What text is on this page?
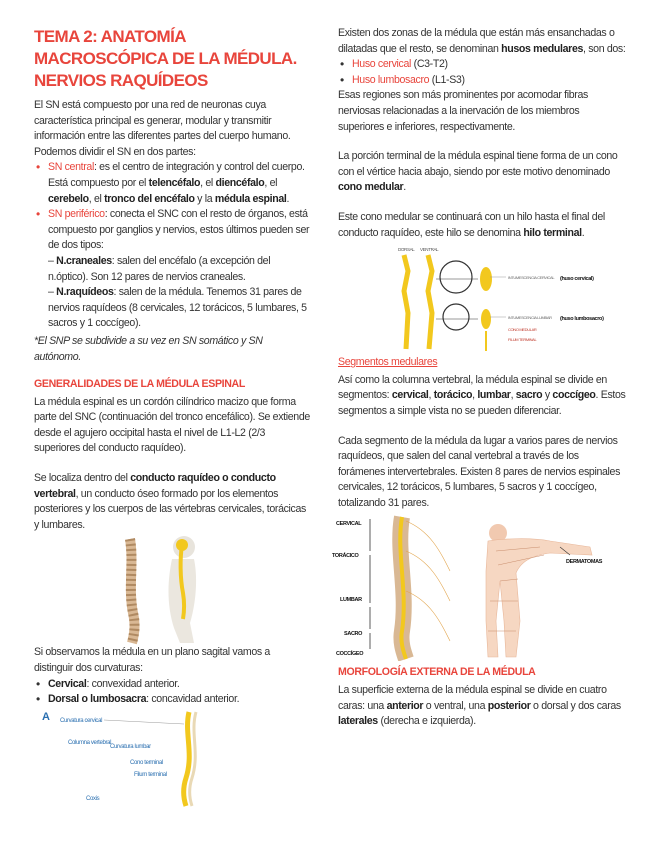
TEMA 2: ANATOMÍA MACROSCÓPICA DE LA MÉDULA. NERVIOS RAQUÍDEOS

El SN está compuesto por una red de neuronas cuya característica principal es generar, modular y transmitir información entre las diferentes partes del cuerpo humano. Podemos dividir el SN en dos partes:

• SN central: es el centro de integración y control del cuerpo. Está compuesto por el telencéfalo, el diencéfalo, el cerebelo, el tronco del encéfalo y la médula espinal.
• SN periférico: conecta el SNC con el resto de órganos, está compuesto por ganglios y nervios, estos últimos pueden ser de dos tipos:

– N.craneales: salen del encéfalo (a excepción del n.óptico). Son 12 pares de nervios craneales.

– N.raquídeos: salen de la médula. Tenemos 31 pares de nervios raquídeos (8 cervicales, 12 torácicos, 5 lumbares, 5 sacros y 1 coccígeo).

*El SNP se subdivide a su vez en SN somático y SN autónomo.

GENERALIDADES DE LA MÉDULA ESPINAL

La médula espinal es un cordón cilíndrico macizo que forma parte del SNC (continuación del tronco encefálico). Se extiende desde el agujero occipital hasta el nivel de L1-L2 (2/3 superiores del conducto raquídeo).

Se localiza dentro del conducto raquídeo o conducto vertebral, un conducto óseo formado por los elementos posteriores y los cuerpos de las vértebras cervicales, torácicas y lumbares.

Si observamos la médula en un plano sagital vamos a distinguir dos curvaturas:

• Cervical: convexidad anterior.
• Dorsal o lumbosacra: concavidad anterior.
A Curvatura cervical
Columna vertebral
Curvatura lumbar
Cono terminal
Filum terminal
Coxis

Existen dos zonas de la médula que están más ensanchadas o dilatadas que el resto, se denominan husos medulares, son dos:

• Huso cervical (C3-T2)
• Huso lumbosacro (L1-S3)

Esas regiones son más prominentes por acomodar fibras nerviosas relacionadas a la inervación de los miembros superiores e inferiores, respectivamente.

La porción terminal de la médula espinal tiene forma de un cono con el vértice hacia abajo, siendo por este motivo denominado cono medular.

Este cono medular se continuará con un hilo hasta el final del conducto raquídeo, este hilo se denomina hilo terminal.

DORSAL VENTRAL
INTUMESCENCIA CERVICAL (huso cervical)
INTUMESCENCIA LUMBAR (huso lumbosacro)
CONO MEDULAR
FILUM TERMINAL
Segmentos medulares

Así como la columna vertebral, la médula espinal se divide en segmentos: cervical, torácico, lumbar, sacro y coccígeo. Estos segmentos a simple vista no se pueden diferenciar.

Cada segmento de la médula da lugar a varios pares de nervios raquídeos, que salen del canal vertebral a través de los forámenes intervertebrales. Existen 8 pares de nervios espinales cervicales, 12 torácicos, 5 lumbares, 5 sacros y 1 coccígeo, totalizando 31 pares.

CERVICAL
TORÁCICO
LUMBAR
SACRO
COCCÍGEO
DERMATOMAS
MORFOLOGÍA EXTERNA DE LA MÉDULA

La superficie externa de la médula espinal se divide en cuatro caras: una anterior o ventral, una posterior o dorsal y dos caras laterales (derecha e izquierda).
